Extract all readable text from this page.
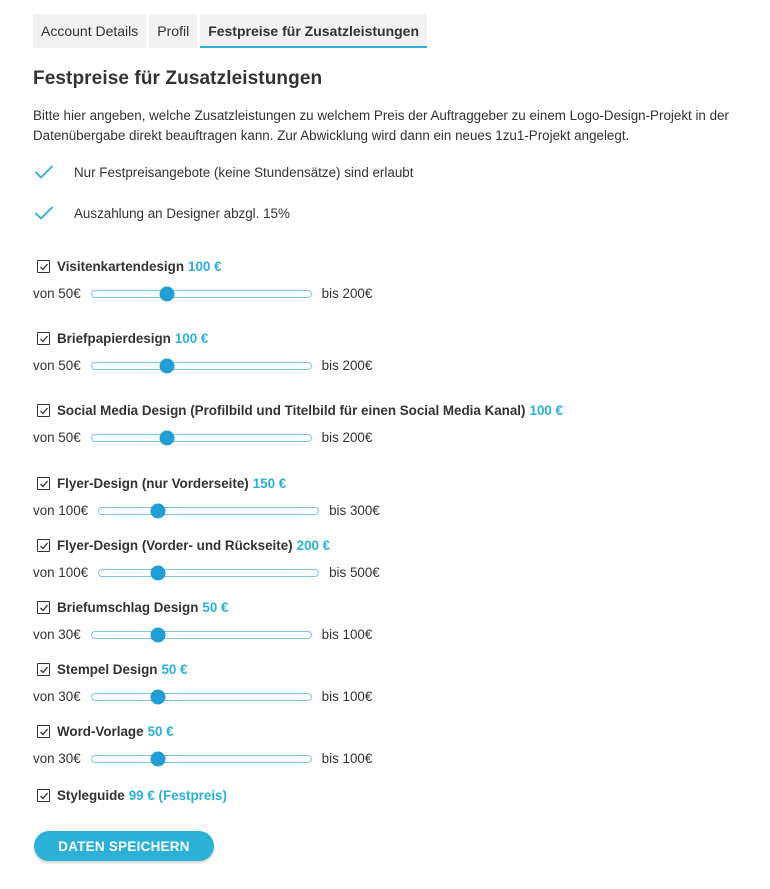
Account Details	Profil	Festpreise für Zusatzleistungen
Festpreise für Zusatzleistungen

Bitte hier angeben, welche Zusatzleistungen zu welchem Preis der Auftraggeber zu einem Logo-Design-Projekt in der Datenübergabe direkt beauftragen kann. Zur Abwicklung wird dann ein neues 1zu1-Projekt angelegt.

Nur Festpreisangebote (keine Stundensätze) sind erlaubt
Auszahlung an Designer abzgl. 15%
Visitenkartendesign 100 €
von 50€	bis 200€
Briefpapierdesign 100 €
von 50€	bis 200€
Social Media Design (Profilbild und Titelbild für einen Social Media Kanal) 100 €
von 50€	bis 200€
Flyer-Design (nur Vorderseite) 150 €
von 100€	bis 300€
Flyer-Design (Vorder- und Rückseite) 200 €
von 100€	bis 500€
Briefumschlag Design 50 €
von 30€	bis 100€
Stempel Design 50 €
von 30€	bis 100€
Word-Vorlage 50 €
von 30€	bis 100€
Styleguide 99 € (Festpreis)
DATEN SPEICHERN
